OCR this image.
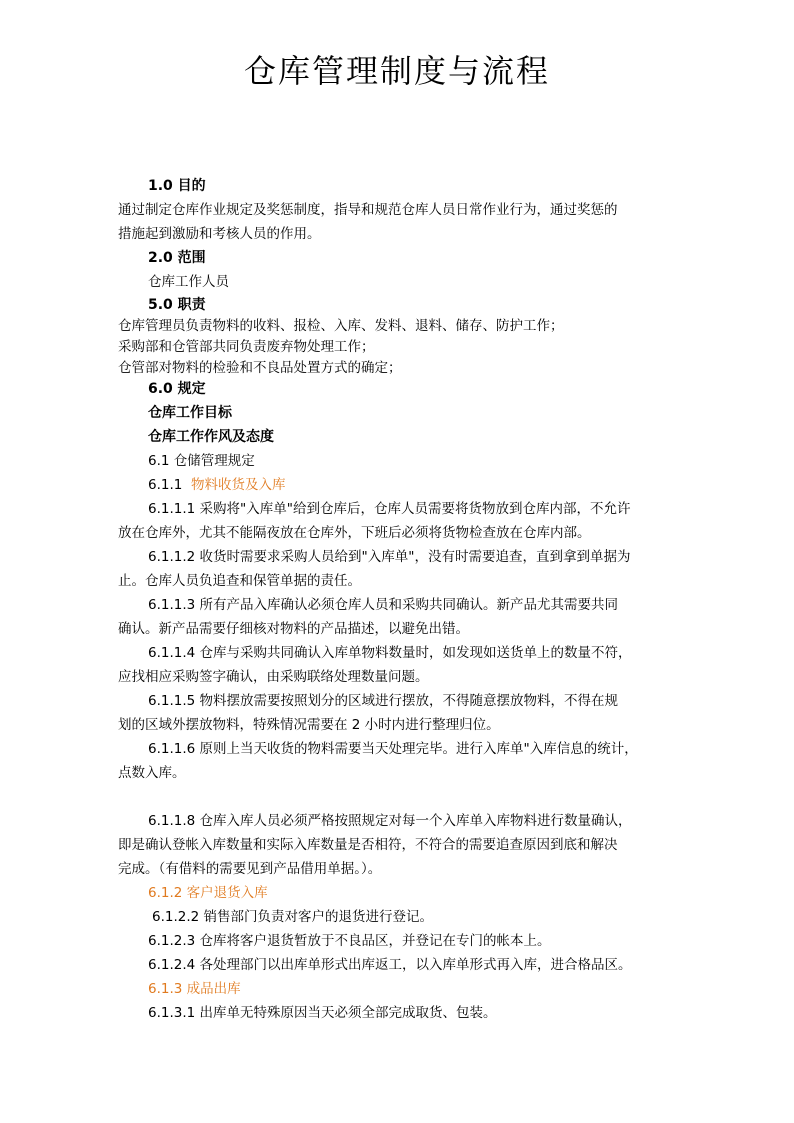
仓库管理制度与流程
1.0 目的
通过制定仓库作业规定及奖惩制度，指导和规范仓库人员日常作业行为，通过奖惩的
措施起到激励和考核人员的作用。
2.0 范围
仓库工作人员
5.0 职责
仓库管理员负责物料的收料、报检、入库、发料、退料、储存、防护工作；
采购部和仓管部共同负责废弃物处理工作；
仓管部对物料的检验和不良品处置方式的确定；
6.0 规定
仓库工作目标
仓库工作作风及态度
6.1 仓储管理规定
6.1.1 物料收货及入库
6.1.1.1 采购将"入库单"给到仓库后，仓库人员需要将货物放到仓库内部，不允许
放在仓库外，尤其不能隔夜放在仓库外，下班后必须将货物检查放在仓库内部。
6.1.1.2 收货时需要求采购人员给到"入库单"，没有时需要追查，直到拿到单据为
止。仓库人员负追查和保管单据的责任。
6.1.1.3 所有产品入库确认必须仓库人员和采购共同确认。新产品尤其需要共同
确认。新产品需要仔细核对物料的产品描述，以避免出错。
6.1.1.4 仓库与采购共同确认入库单物料数量时，如发现如送货单上的数量不符，
应找相应采购签字确认，由采购联络处理数量问题。
6.1.1.5 物料摆放需要按照划分的区域进行摆放，不得随意摆放物料，不得在规
划的区域外摆放物料，特殊情况需要在 2 小时内进行整理归位。
6.1.1.6 原则上当天收货的物料需要当天处理完毕。进行入库单"入库信息的统计，
点数入库。
6.1.1.8 仓库入库人员必须严格按照规定对每一个入库单入库物料进行数量确认，
即是确认登帐入库数量和实际入库数量是否相符，不符合的需要追查原因到底和解决
完成。（有借料的需要见到产品借用单据。）。
6.1.2 客户退货入库
6.1.2.2 销售部门负责对客户的退货进行登记。
6.1.2.3 仓库将客户退货暂放于不良品区，并登记在专门的帐本上。
6.1.2.4 各处理部门以出库单形式出库返工，以入库单形式再入库，进合格品区。
6.1.3 成品出库
6.1.3.1 出库单无特殊原因当天必须全部完成取货、包装。
